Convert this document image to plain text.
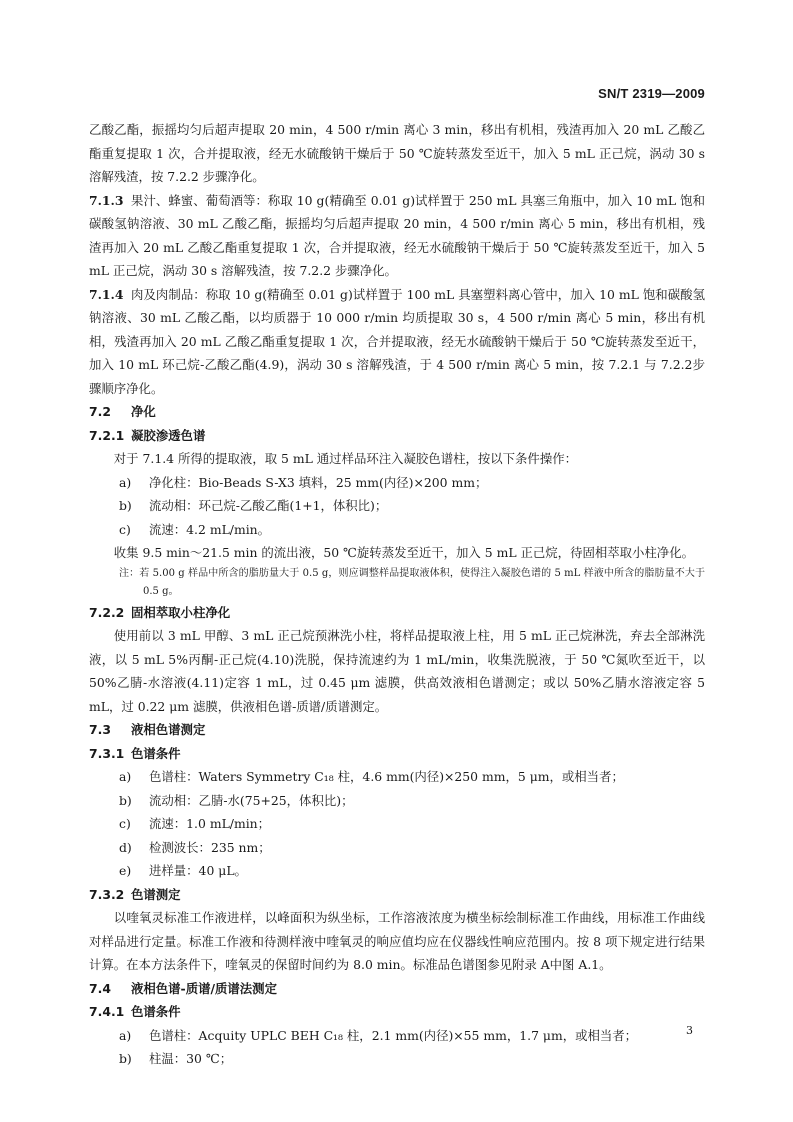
SN/T 2319—2009

乙酸乙酯，振摇均匀后超声提取 20 min，4 500 r/min 离心 3 min，移出有机相，残渣再加入 20 mL 乙酸乙酯重复提取 1 次，合并提取液，经无水硫酸钠干燥后于 50 ℃旋转蒸发至近干，加入 5 mL 正己烷，涡动 30 s 溶解残渣，按 7.2.2 步骤净化。

7.1.3 果汁、蜂蜜、葡萄酒等：称取 10 g(精确至 0.01 g)试样置于 250 mL 具塞三角瓶中，加入 10 mL 饱和碳酸氢钠溶液、30 mL 乙酸乙酯，振摇均匀后超声提取 20 min，4 500 r/min 离心 5 min，移出有机相，残渣再加入 20 mL 乙酸乙酯重复提取 1 次，合并提取液，经无水硫酸钠干燥后于 50 ℃旋转蒸发至近干，加入 5 mL 正己烷，涡动 30 s 溶解残渣，按 7.2.2 步骤净化。

7.1.4 肉及肉制品：称取 10 g(精确至 0.01 g)试样置于 100 mL 具塞塑料离心管中，加入 10 mL 饱和碳酸氢钠溶液、30 mL 乙酸乙酯，以均质器于 10 000 r/min 均质提取 30 s，4 500 r/min 离心 5 min，移出有机相，残渣再加入 20 mL 乙酸乙酯重复提取 1 次，合并提取液，经无水硫酸钠干燥后于 50 ℃旋转蒸发至近干，加入 10 mL 环己烷-乙酸乙酯(4.9)，涡动 30 s 溶解残渣，于 4 500 r/min 离心 5 min，按 7.2.1 与 7.2.2步骤顺序净化。

7.2 净化

7.2.1 凝胶渗透色谱

对于 7.1.4 所得的提取液，取 5 mL 通过样品环注入凝胶色谱柱，按以下条件操作：

a) 净化柱：Bio-Beads S-X3 填料，25 mm(内径)×200 mm；

b) 流动相：环己烷-乙酸乙酯(1+1，体积比)；

c) 流速：4.2 mL/min。

收集 9.5 min～21.5 min 的流出液，50 ℃旋转蒸发至近干，加入 5 mL 正己烷，待固相萃取小柱净化。

注：若 5.00 g 样品中所含的脂肪量大于 0.5 g，则应调整样品提取液体积，使得注入凝胶色谱的 5 mL 样液中所含的脂肪量不大于 0.5 g。

7.2.2 固相萃取小柱净化

使用前以 3 mL 甲醇、3 mL 正己烷预淋洗小柱，将样品提取液上柱，用 5 mL 正己烷淋洗，弃去全部淋洗液，以 5 mL 5%丙酮-正己烷(4.10)洗脱，保持流速约为 1 mL/min，收集洗脱液，于 50 ℃氮吹至近干，以 50%乙腈-水溶液(4.11)定容 1 mL，过 0.45 μm 滤膜，供高效液相色谱测定；或以 50%乙腈水溶液定容 5 mL，过 0.22 μm 滤膜，供液相色谱-质谱/质谱测定。

7.3 液相色谱测定

7.3.1 色谱条件

a) 色谱柱：Waters Symmetry C₁₈ 柱，4.6 mm(内径)×250 mm，5 μm，或相当者；

b) 流动相：乙腈-水(75+25，体积比)；

c) 流速：1.0 mL/min；

d) 检测波长：235 nm；

e) 进样量：40 μL。

7.3.2 色谱测定

以喹氧灵标准工作液进样，以峰面积为纵坐标，工作溶液浓度为横坐标绘制标准工作曲线，用标准工作曲线对样品进行定量。标准工作液和待测样液中喹氧灵的响应值均应在仪器线性响应范围内。按 8 项下规定进行结果计算。在本方法条件下，喹氧灵的保留时间约为 8.0 min。标准品色谱图参见附录 A中图 A.1。

7.4 液相色谱-质谱/质谱法测定

7.4.1 色谱条件

a) 色谱柱：Acquity UPLC BEH C₁₈ 柱，2.1 mm(内径)×55 mm，1.7 μm，或相当者；

b) 柱温：30 ℃；

3
